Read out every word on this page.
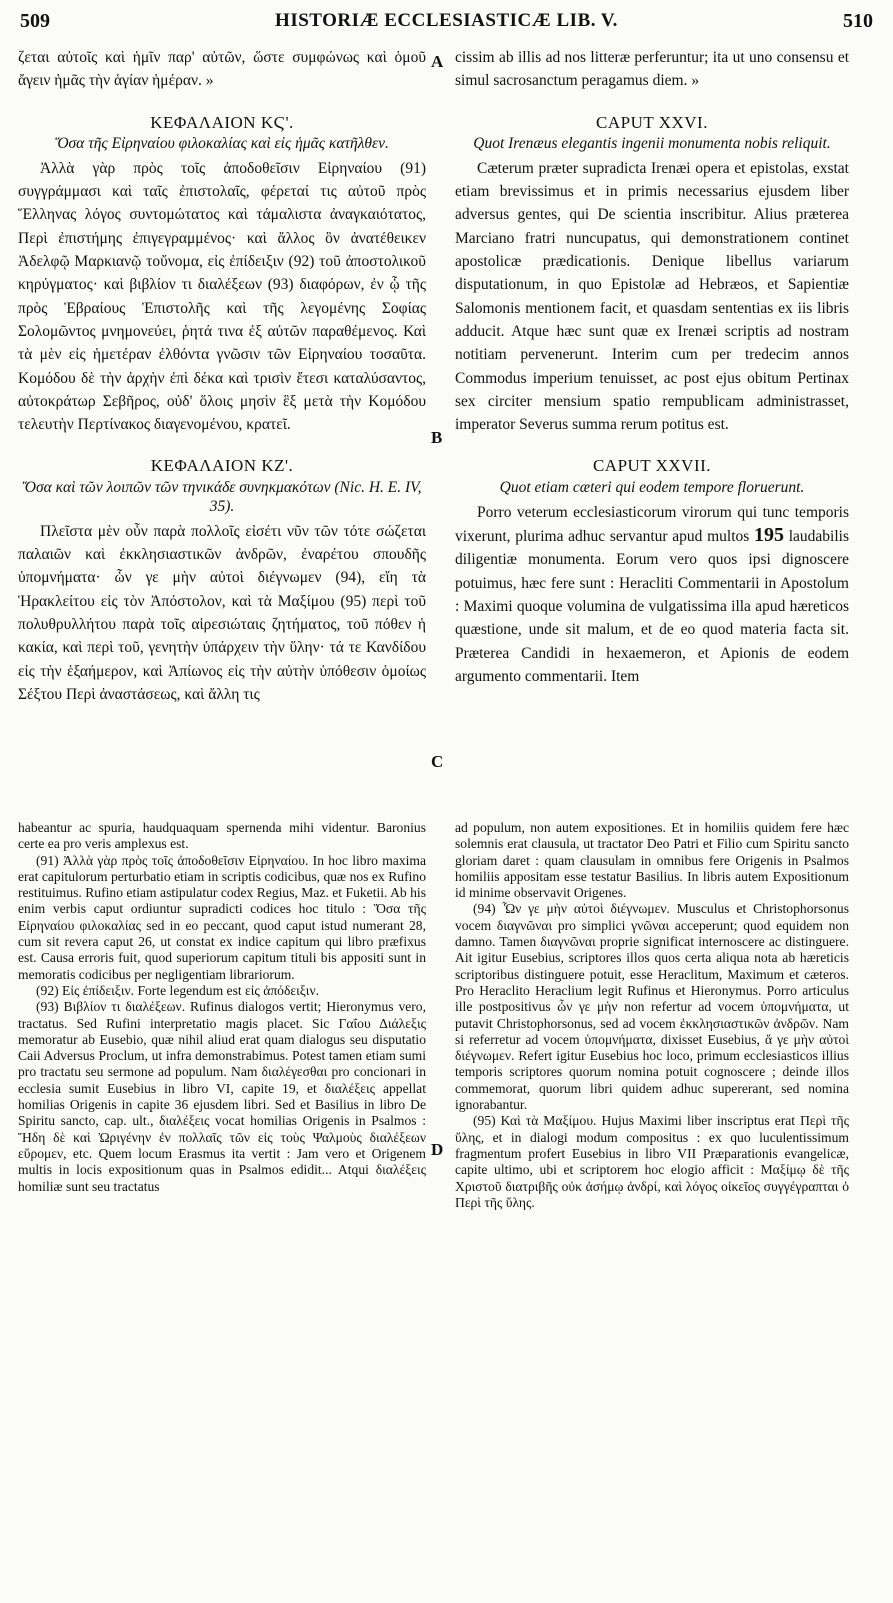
509	HISTORIÆ ECCLESIASTICÆ LIB. V.	510

ζεται αὐτοῖς καὶ ἡμῖν παρ' αὐτῶν, ὥστε συμφώνως καὶ ὁμοῦ ἄγειν ἡμᾶς τὴν ἁγίαν ἡμέραν. »

ΚΕΦΑΛΑΙΟΝ ΚϚ'.

Ὅσα τῆς Εἰρηναίου φιλοκαλίας καὶ εἰς ἡμᾶς κατῆλθεν.

Ἀλλὰ γὰρ πρὸς τοῖς ἀποδοθεῖσιν Εἰρηναίου (91) συγγράμμασι καὶ ταῖς ἐπιστολαῖς, φέρεταί τις αὐτοῦ πρὸς Ἕλληνας λόγος συντομώτατος καὶ τάμαλιστα ἀναγκαιότατος, Περὶ ἐπιστήμης ἐπιγεγραμμένος· καὶ ἄλλος ὃν ἀνατέθεικεν Ἀδελφῷ Μαρκιανῷ τοὔνομα, εἰς ἐπίδειξιν (92) τοῦ ἀποστολικοῦ κηρύγματος· καὶ βιβλίον τι διαλέξεων (93) διαφόρων, ἐν ᾧ τῆς πρὸς Ἑβραίους Ἐπιστολῆς καὶ τῆς λεγομένης Σοφίας Σολομῶντος μνημονεύει, ῥητά τινα ἐξ αὐτῶν παραθέμενος. Καὶ τὰ μὲν εἰς ἡμετέραν ἐλθόντα γνῶσιν τῶν Εἰρηναίου τοσαῦτα. Κομόδου δὲ τὴν ἀρχὴν ἐπὶ δέκα καὶ τρισὶν ἔτεσι καταλύσαντος, αὐτοκράτωρ Σεβῆρος, οὐδ' ὅλοις μησὶν ἓξ μετὰ τὴν Κομόδου τελευτὴν Περτίνακος διαγενομένου, κρατεῖ.

ΚΕΦΑΛΑΙΟΝ ΚΖ'.

Ὅσα καὶ τῶν λοιπῶν τῶν τηνικάδε συνηκμακότων (Nic. H. E. IV, 35).

Πλεῖστα μὲν οὖν παρὰ πολλοῖς εἰσέτι νῦν τῶν τότε σώζεται παλαιῶν καὶ ἐκκλησιαστικῶν ἀνδρῶν, ἐναρέτου σπουδῆς ὑπομνήματα· ὧν γε μὴν αὐτοὶ διέγνωμεν (94), εἴη τὰ Ἡρακλείτου εἰς τὸν Ἀπόστολον, καὶ τὰ Μαξίμου (95) περὶ τοῦ πολυθρυλλήτου παρὰ τοῖς αἱρεσιώταις ζητήματος, τοῦ πόθεν ἡ κακία, καὶ περὶ τοῦ, γενητὴν ὑπάρχειν τὴν ὕλην· τά τε Κανδίδου εἰς τὴν ἑξαήμερον, καὶ Ἀπίωνος εἰς τὴν αὐτὴν ὑπόθεσιν ὁμοίως Σέξτου Περὶ ἀναστάσεως, καὶ ἄλλη τις

cissim ab illis ad nos litteræ perferuntur; ita ut uno consensu et simul sacrosanctum peragamus diem. »

CAPUT XXVI.

Quot Irenæus elegantis ingenii monumenta nobis reliquit.

Cæterum præter supradicta Irenæi opera et epistolas, exstat etiam brevissimus et in primis necessarius ejusdem liber adversus gentes, qui De scientia inscribitur. Alius præterea Marciano fratri nuncupatus, qui demonstrationem continet apostolicæ prædicationis. Denique libellus variarum disputationum, in quo Epistolæ ad Hebræos, et Sapientiæ Salomonis mentionem facit, et quasdam sententias ex iis libris adducit. Atque hæc sunt quæ ex Irenæi scriptis ad nostram notitiam pervenerunt. Interim cum per tredecim annos Commodus imperium tenuisset, ac post ejus obitum Pertinax sex circiter mensium spatio rempublicam administrasset, imperator Severus summa rerum potitus est.

CAPUT XXVII.

Quot etiam cæteri qui eodem tempore floruerunt.

Porro veterum ecclesiasticorum virorum qui tunc temporis vixerunt, plurima adhuc servantur apud multos 195 laudabilis diligentiæ monumenta. Eorum vero quos ipsi dignoscere potuimus, hæc fere sunt : Heracliti Commentarii in Apostolum : Maximi quoque volumina de vulgatissima illa apud hæreticos quæstione, unde sit malum, et de eo quod materia facta sit. Præterea Candidi in hexaemeron, et Apionis de eodem argumento commentarii. Item

A
B
C
D

habeantur ac spuria, haudquaquam spernenda mihi videntur. Baronius certe ea pro veris amplexus est.

(91) Ἀλλὰ γὰρ πρὸς τοῖς ἀποδοθεῖσιν Εἰρηναίου. In hoc libro maxima erat capitulorum perturbatio etiam in scriptis codicibus, quæ nos ex Rufino restituimus. Rufino etiam astipulatur codex Regius, Maz. et Fuketii. Ab his enim verbis caput ordiuntur supradicti codices hoc titulo : Ὅσα τῆς Εἰρηναίου φιλοκαλίας sed in eo peccant, quod caput istud numerant 28, cum sit revera caput 26, ut constat ex indice capitum qui libro præfixus est. Causa erroris fuit, quod superiorum capitum tituli bis appositi sunt in memoratis codicibus per negligentiam librariorum.

(92) Εἰς ἐπίδειξιν. Forte legendum est εἰς ἀπόδειξιν.

(93) Βιβλίον τι διαλέξεων. Rufinus dialogos vertit; Hieronymus vero, tractatus. Sed Rufini interpretatio magis placet. Sic Γαΐου Διάλεξις memoratur ab Eusebio, quæ nihil aliud erat quam dialogus seu disputatio Caii Adversus Proclum, ut infra demonstrabimus. Potest tamen etiam sumi pro tractatu seu sermone ad populum. Nam διαλέγεσθαι pro concionari in ecclesia sumit Eusebius in libro VI, capite 19, et διαλέξεις appellat homilias Origenis in capite 36 ejusdem libri. Sed et Basilius in libro De Spiritu sancto, cap. ult., διαλέξεις vocat homilias Origenis in Psalmos : Ἤδη δὲ καὶ Ὠριγένην ἐν πολλαῖς τῶν εἰς τοὺς Ψαλμοὺς διαλέξεων εὕρομεν, etc. Quem locum Erasmus ita vertit : Jam vero et Origenem multis in locis expositionum quas in Psalmos edidit... Atqui διαλέξεις homiliæ sunt seu tractatus

ad populum, non autem expositiones. Et in homiliis quidem fere hæc solemnis erat clausula, ut tractator Deo Patri et Filio cum Spiritu sancto gloriam daret : quam clausulam in omnibus fere Origenis in Psalmos homiliis appositam esse testatur Basilius. In libris autem Expositionum id minime observavit Origenes.

(94) Ὧν γε μὴν αὐτοὶ διέγνωμεν. Musculus et Christophorsonus vocem διαγνῶναι pro simplici γνῶναι acceperunt; quod equidem non damno. Tamen διαγνῶναι proprie significat internoscere ac distinguere. Ait igitur Eusebius, scriptores illos quos certa aliqua nota ab hæreticis scriptoribus distinguere potuit, esse Heraclitum, Maximum et cæteros. Pro Heraclito Heraclium legit Rufinus et Hieronymus. Porro articulus ille postpositivus ὧν γε μὴν non refertur ad vocem ὑπομνήματα, ut putavit Christophorsonus, sed ad vocem ἐκκλησιαστικῶν ἀνδρῶν. Nam si referretur ad vocem ὑπομνήματα, dixisset Eusebius, ἅ γε μὴν αὐτοὶ διέγνωμεν. Refert igitur Eusebius hoc loco, primum ecclesiasticos illius temporis scriptores quorum nomina potuit cognoscere ; deinde illos commemorat, quorum libri quidem adhuc supererant, sed nomina ignorabantur.

(95) Καὶ τὰ Μαξίμου. Hujus Maximi liber inscriptus erat Περὶ τῆς ὕλης, et in dialogi modum compositus : ex quo luculentissimum fragmentum profert Eusebius in libro VII Præparationis evangelicæ, capite ultimo, ubi et scriptorem hoc elogio afficit : Μαξίμῳ δὲ τῆς Χριστοῦ διατριβῆς οὐκ ἀσήμῳ ἀνδρί, καὶ λόγος οἰκεῖος συγγέγραπται ὁ Περὶ τῆς ὕλης.
